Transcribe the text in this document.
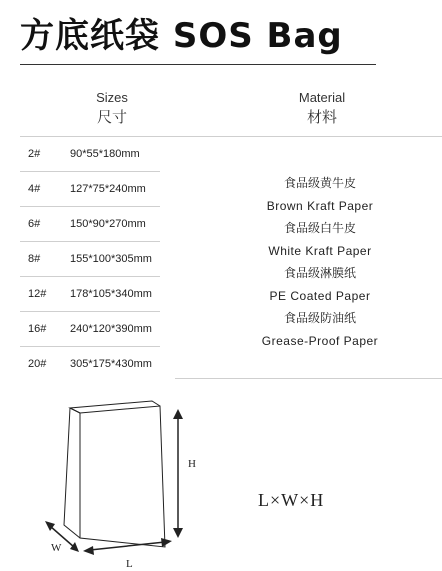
方底纸袋 SOS Bag
Sizes
尺寸
Material
材料
2#	90*55*180mm
4#	127*75*240mm
6#	150*90*270mm
8#	155*100*305mm
12# 178*105*340mm
16# 240*120*390mm
20# 305*175*430mm
食品级黄牛皮
Brown Kraft Paper
食品级白牛皮
White Kraft Paper
食品级淋膜纸
PE Coated Paper
食品级防油纸
Grease-Proof Paper
H
L
W
L×W×H
